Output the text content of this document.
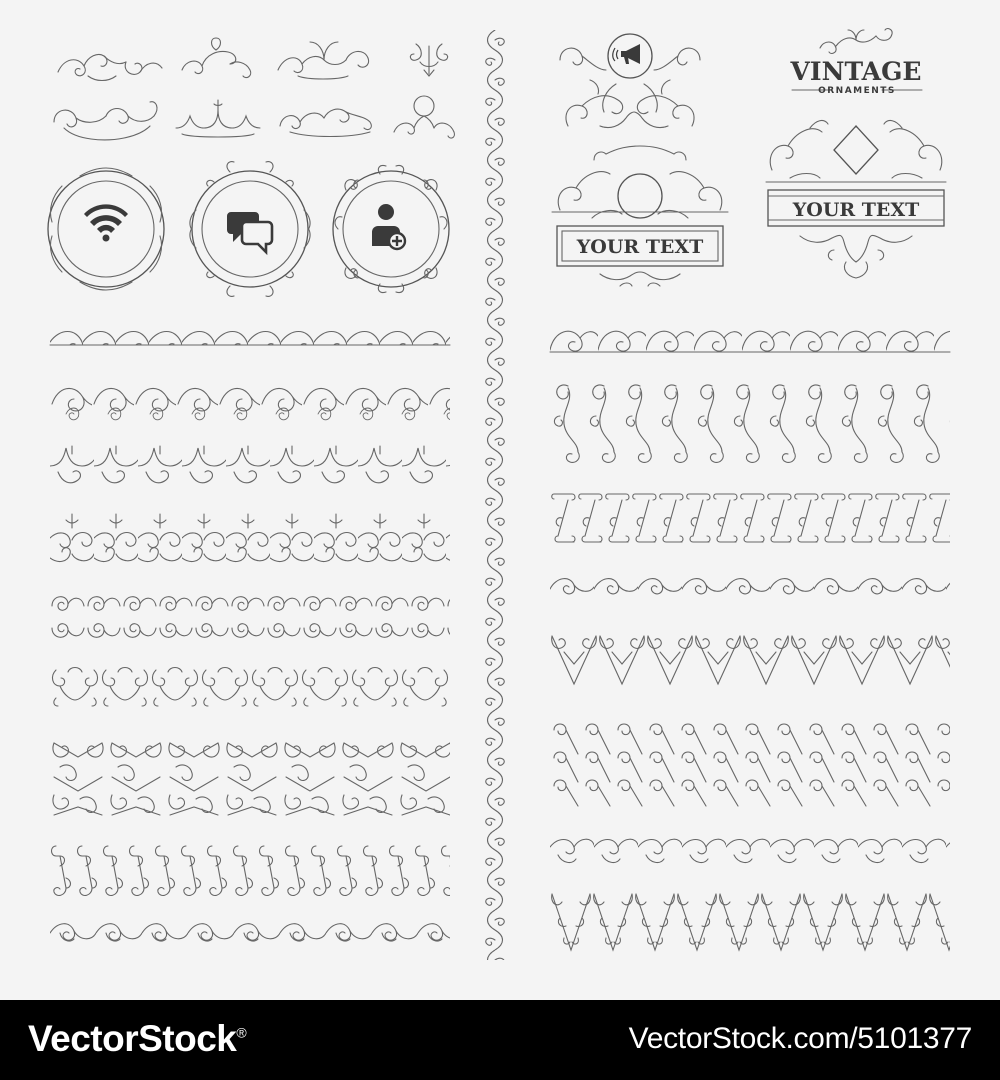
VINTAGE
ORNAMENTS
YOUR TEXT
YOUR TEXT
VectorStock®	VectorStock.com/5101377
